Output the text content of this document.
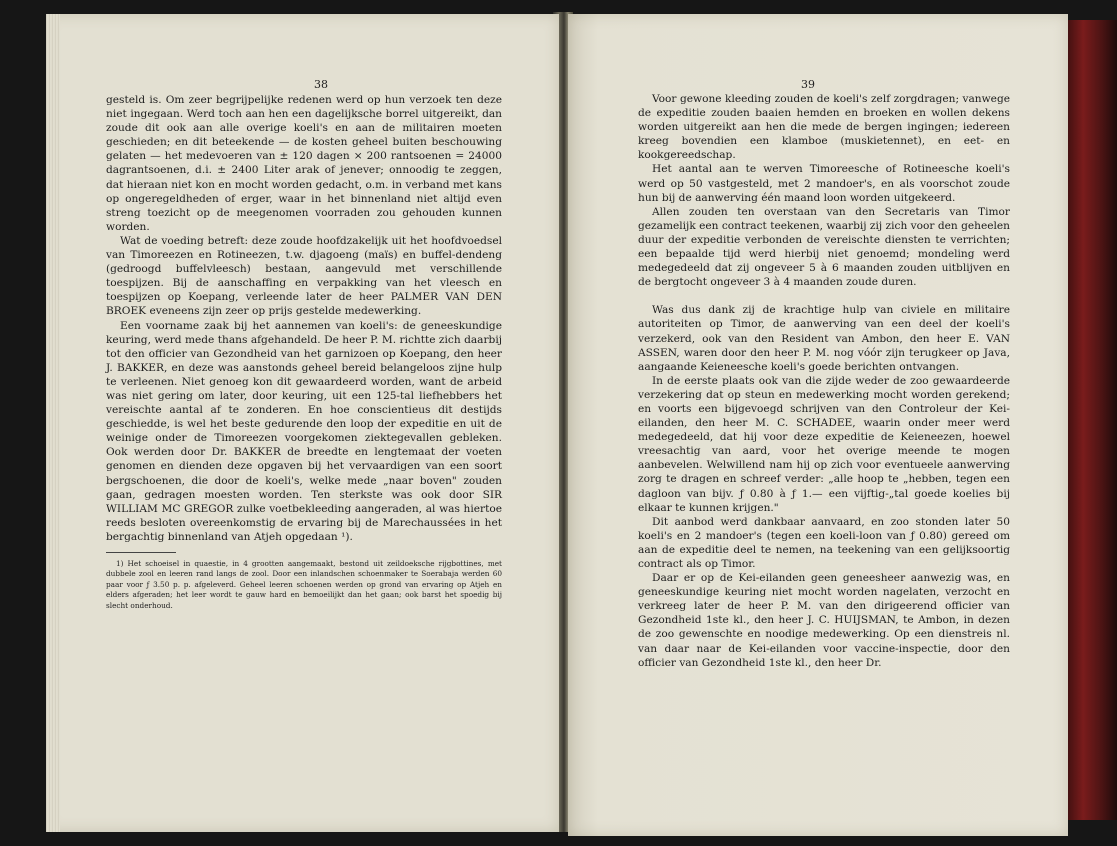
38

gesteld is. Om zeer begrijpelijke redenen werd op hun verzoek ten deze niet ingegaan. Werd toch aan hen een dagelijksche borrel uitgereikt, dan zoude dit ook aan alle overige koeli's en aan de militairen moeten geschieden; en dit beteekende — de kosten geheel buiten beschouwing gelaten — het medevoeren van ± 120 dagen × 200 rantsoenen = 24000 dagrantsoenen, d.i. ± 2400 Liter arak of jenever; onnoodig te zeggen, dat hieraan niet kon en mocht worden gedacht, o.m. in verband met kans op ongeregeldheden of erger, waar in het binnenland niet altijd even streng toezicht op de meegenomen voorraden zou gehouden kunnen worden.

Wat de voeding betreft: deze zoude hoofdzakelijk uit het hoofdvoedsel van Timoreezen en Rotineezen, t.w. djagoeng (maïs) en buffel-dendeng (gedroogd buffelvleesch) bestaan, aangevuld met verschillende toespijzen. Bij de aanschaffing en verpakking van het vleesch en toespijzen op Koepang, verleende later de heer PALMER VAN DEN BROEK eveneens zijn zeer op prijs gestelde medewerking.

Een voorname zaak bij het aannemen van koeli's: de geneeskundige keuring, werd mede thans afgehandeld. De heer P. M. richtte zich daarbij tot den officier van Gezondheid van het garnizoen op Koepang, den heer J. BAKKER, en deze was aanstonds geheel bereid belangeloos zijne hulp te verleenen. Niet genoeg kon dit gewaardeerd worden, want de arbeid was niet gering om later, door keuring, uit een 125-tal liefhebbers het vereischte aantal af te zonderen. En hoe conscientieus dit destijds geschiedde, is wel het beste gedurende den loop der expeditie en uit de weinige onder de Timoreezen voorgekomen ziektegevallen gebleken. Ook werden door Dr. BAKKER de breedte en lengtemaat der voeten genomen en dienden deze opgaven bij het vervaardigen van een soort bergschoenen, die door de koeli's, welke mede „naar boven" zouden gaan, gedragen moesten worden. Ten sterkste was ook door SIR WILLIAM MC GREGOR zulke voetbekleeding aangeraden, al was hiertoe reeds besloten overeenkomstig de ervaring bij de Marechaussées in het bergachtig binnenland van Atjeh opgedaan ¹).

1) Het schoeisel in quaestie, in 4 grootten aangemaakt, bestond uit zeildoeksche rijgbottines, met dubbele zool en leeren rand langs de zool. Door een inlandschen schoenmaker te Soerabaja werden 60 paar voor ƒ 3.50 p. p. afgeleverd. Geheel leeren schoenen werden op grond van ervaring op Atjeh en elders afgeraden; het leer wordt te gauw hard en bemoeilijkt dan het gaan; ook barst het spoedig bij slecht onderhoud.

39

Voor gewone kleeding zouden de koeli's zelf zorgdragen; vanwege de expeditie zouden baaien hemden en broeken en wollen dekens worden uitgereikt aan hen die mede de bergen ingingen; iedereen kreeg bovendien een klamboe (muskietennet), en eet- en kookgereedschap.

Het aantal aan te werven Timoreesche of Rotineesche koeli's werd op 50 vastgesteld, met 2 mandoer's, en als voorschot zoude hun bij de aanwerving één maand loon worden uitgekeerd.

Allen zouden ten overstaan van den Secretaris van Timor gezamelijk een contract teekenen, waarbij zij zich voor den geheelen duur der expeditie verbonden de vereischte diensten te verrichten; een bepaalde tijd werd hierbij niet genoemd; mondeling werd medegedeeld dat zij ongeveer 5 à 6 maanden zouden uitblijven en de bergtocht ongeveer 3 à 4 maanden zoude duren.

Was dus dank zij de krachtige hulp van civiele en militaire autoriteiten op Timor, de aanwerving van een deel der koeli's verzekerd, ook van den Resident van Ambon, den heer E. VAN ASSEN, waren door den heer P. M. nog vóór zijn terugkeer op Java, aangaande Keieneesche koeli's goede berichten ontvangen.

In de eerste plaats ook van die zijde weder de zoo gewaardeerde verzekering dat op steun en medewerking mocht worden gerekend; en voorts een bijgevoegd schrijven van den Controleur der Kei-eilanden, den heer M. C. SCHADEE, waarin onder meer werd medegedeeld, dat hij voor deze expeditie de Keieneezen, hoewel vreesachtig van aard, voor het overige meende te mogen aanbevelen. Welwillend nam hij op zich voor eventueele aanwerving zorg te dragen en schreef verder: „alle hoop te „hebben, tegen een dagloon van bijv. ƒ 0.80 à ƒ 1.— een vijftig-„tal goede koelies bij elkaar te kunnen krijgen."

Dit aanbod werd dankbaar aanvaard, en zoo stonden later 50 koeli's en 2 mandoer's (tegen een koeli-loon van ƒ 0.80) gereed om aan de expeditie deel te nemen, na teekening van een gelijksoortig contract als op Timor.

Daar er op de Kei-eilanden geen geneesheer aanwezig was, en geneeskundige keuring niet mocht worden nagelaten, verzocht en verkreeg later de heer P. M. van den dirigeerend officier van Gezondheid 1ste kl., den heer J. C. HUIJSMAN, te Ambon, in dezen de zoo gewenschte en noodige medewerking. Op een dienstreis nl. van daar naar de Kei-eilanden voor vaccine-inspectie, door den officier van Gezondheid 1ste kl., den heer Dr.
